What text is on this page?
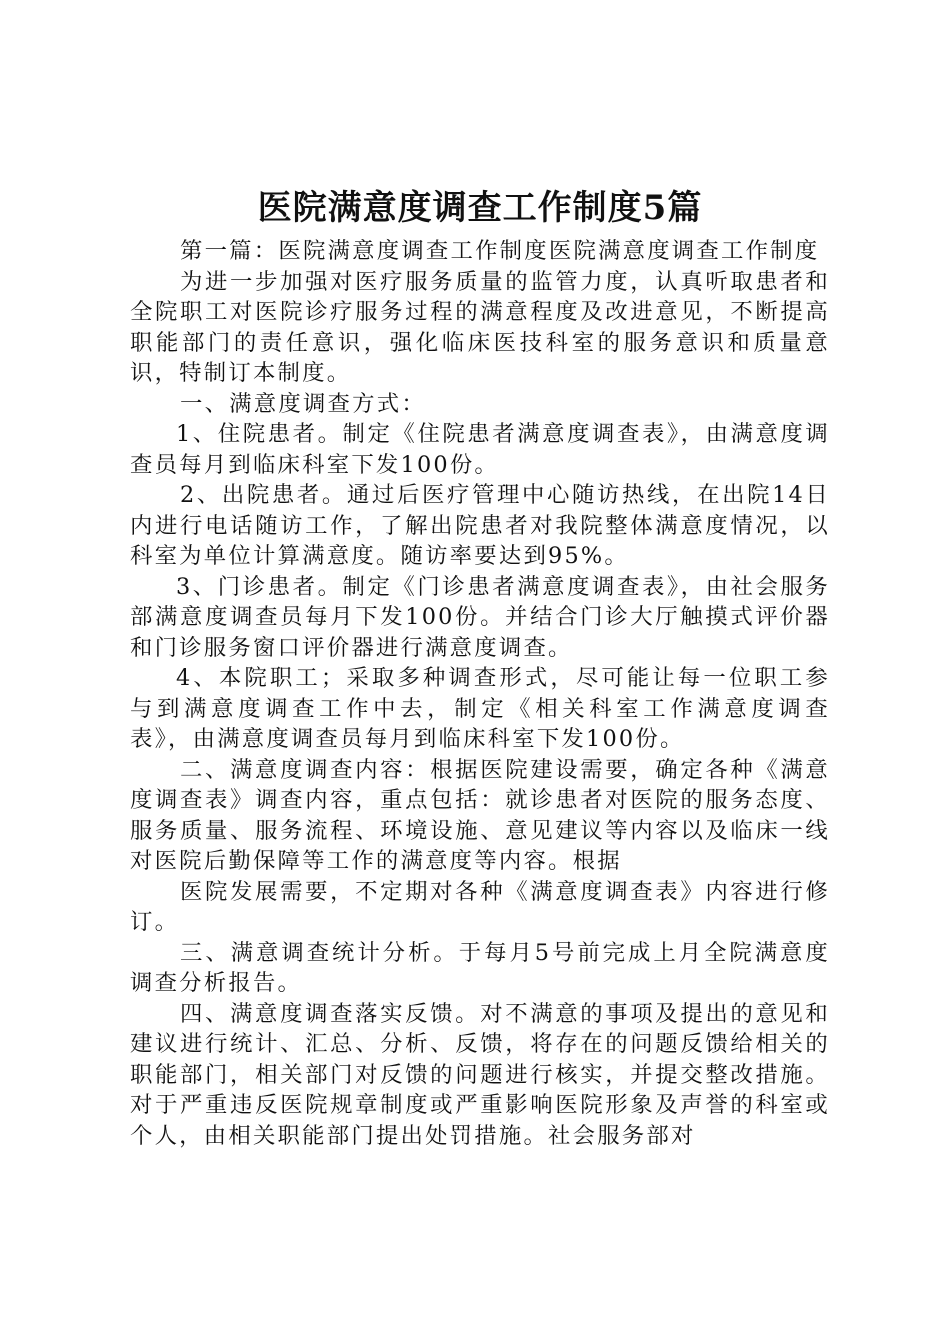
医院满意度调查工作制度5篇

第一篇：医院满意度调查工作制度医院满意度调查工作制度

为进一步加强对医疗服务质量的监管力度，认真听取患者和全院职工对医院诊疗服务过程的满意程度及改进意见，不断提高职能部门的责任意识，强化临床医技科室的服务意识和质量意识，特制订本制度。

一、满意度调查方式：

1、住院患者。制定《住院患者满意度调查表》，由满意度调查员每月到临床科室下发100份。

2、出院患者。通过后医疗管理中心随访热线，在出院14日内进行电话随访工作，了解出院患者对我院整体满意度情况，以科室为单位计算满意度。随访率要达到95%。

3、门诊患者。制定《门诊患者满意度调查表》，由社会服务部满意度调查员每月下发100份。并结合门诊大厅触摸式评价器和门诊服务窗口评价器进行满意度调查。

4、本院职工；采取多种调查形式，尽可能让每一位职工参与到满意度调查工作中去，制定《相关科室工作满意度调查表》，由满意度调查员每月到临床科室下发100份。

二、满意度调查内容：根据医院建设需要，确定各种《满意度调查表》调查内容，重点包括：就诊患者对医院的服务态度、服务质量、服务流程、环境设施、意见建议等内容以及临床一线对医院后勤保障等工作的满意度等内容。根据

医院发展需要，不定期对各种《满意度调查表》内容进行修订。

三、满意调查统计分析。于每月5号前完成上月全院满意度调查分析报告。

四、满意度调查落实反馈。对不满意的事项及提出的意见和建议进行统计、汇总、分析、反馈，将存在的问题反馈给相关的职能部门，相关部门对反馈的问题进行核实，并提交整改措施。对于严重违反医院规章制度或严重影响医院形象及声誉的科室或个人，由相关职能部门提出处罚措施。社会服务部对
